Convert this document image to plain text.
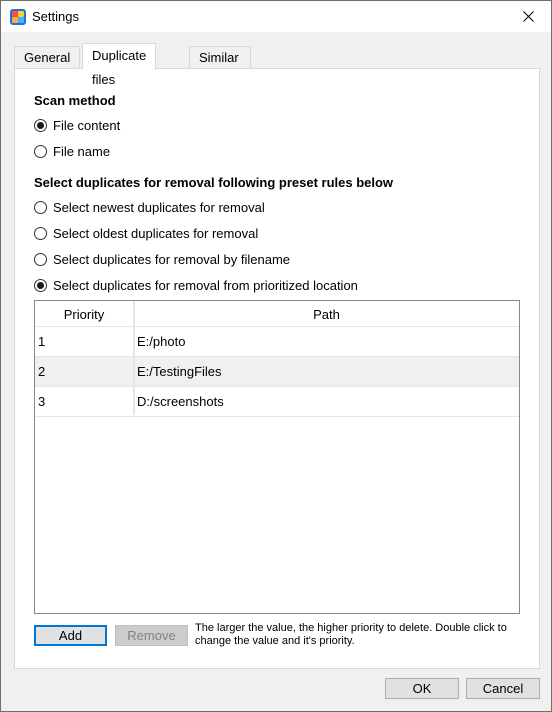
Settings
General	Duplicate files
Similar
Scan method
File content
File name
Select duplicates for removal following preset rules below
Select newest duplicates for removal
Select oldest duplicates for removal
Select duplicates for removal by filename
Select duplicates for removal from prioritized location
Priority	Path
1	E:/photo
2	E:/TestingFiles
3	D:/screenshots
Add	Remove	The larger the value, the higher priority to delete. Double click to change the value and it's priority.
OK	Cancel
